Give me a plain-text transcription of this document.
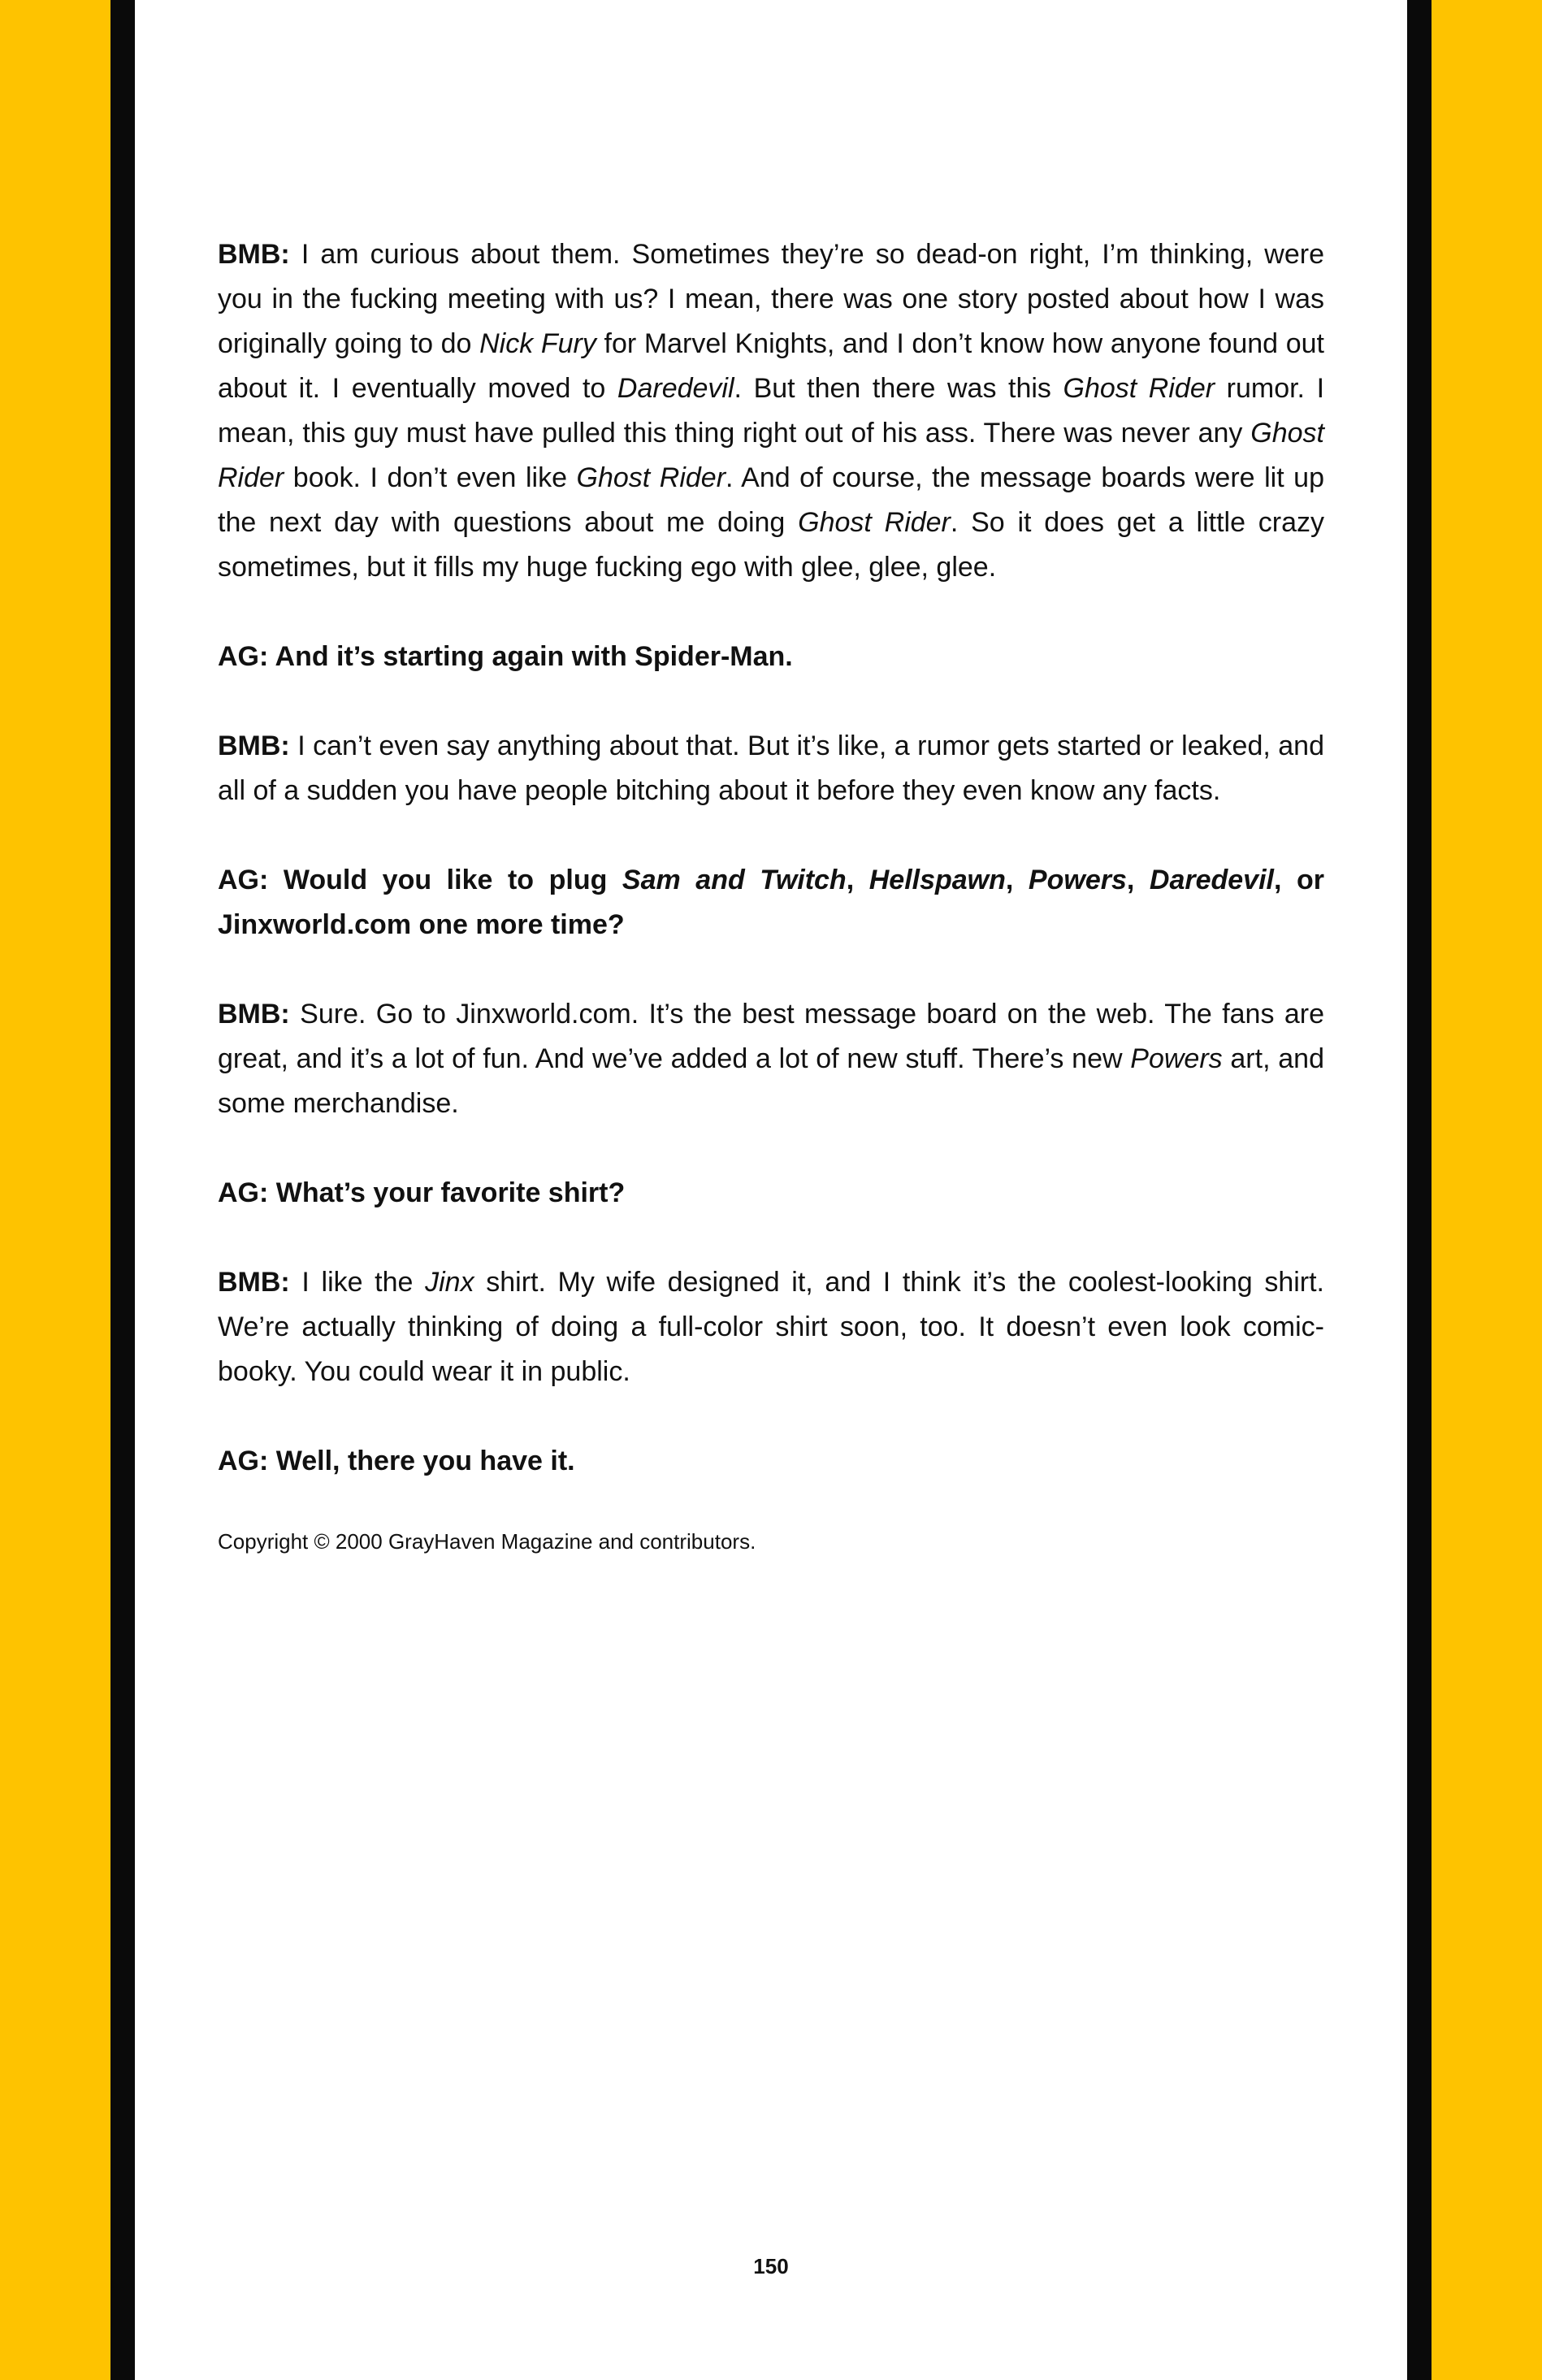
BMB: I am curious about them. Sometimes they’re so dead-on right, I’m thinking, were you in the fucking meeting with us? I mean, there was one story posted about how I was originally going to do Nick Fury for Marvel Knights, and I don’t know how anyone found out about it. I eventually moved to Daredevil. But then there was this Ghost Rider rumor. I mean, this guy must have pulled this thing right out of his ass. There was never any Ghost Rider book. I don’t even like Ghost Rider. And of course, the message boards were lit up the next day with questions about me doing Ghost Rider. So it does get a little crazy sometimes, but it fills my huge fucking ego with glee, glee, glee.

AG: And it’s starting again with Spider-Man.

BMB: I can’t even say anything about that. But it’s like, a rumor gets started or leaked, and all of a sudden you have people bitching about it before they even know any facts.

AG: Would you like to plug Sam and Twitch, Hellspawn, Powers, Daredevil, or Jinxworld.com one more time?

BMB: Sure. Go to Jinxworld.com. It’s the best message board on the web. The fans are great, and it’s a lot of fun. And we’ve added a lot of new stuff. There’s new Powers art, and some merchandise.

AG: What’s your favorite shirt?

BMB: I like the Jinx shirt. My wife designed it, and I think it’s the coolest-looking shirt. We’re actually thinking of doing a full-color shirt soon, too. It doesn’t even look comic-booky. You could wear it in public.

AG: Well, there you have it.

Copyright © 2000 GrayHaven Magazine and contributors.
150
